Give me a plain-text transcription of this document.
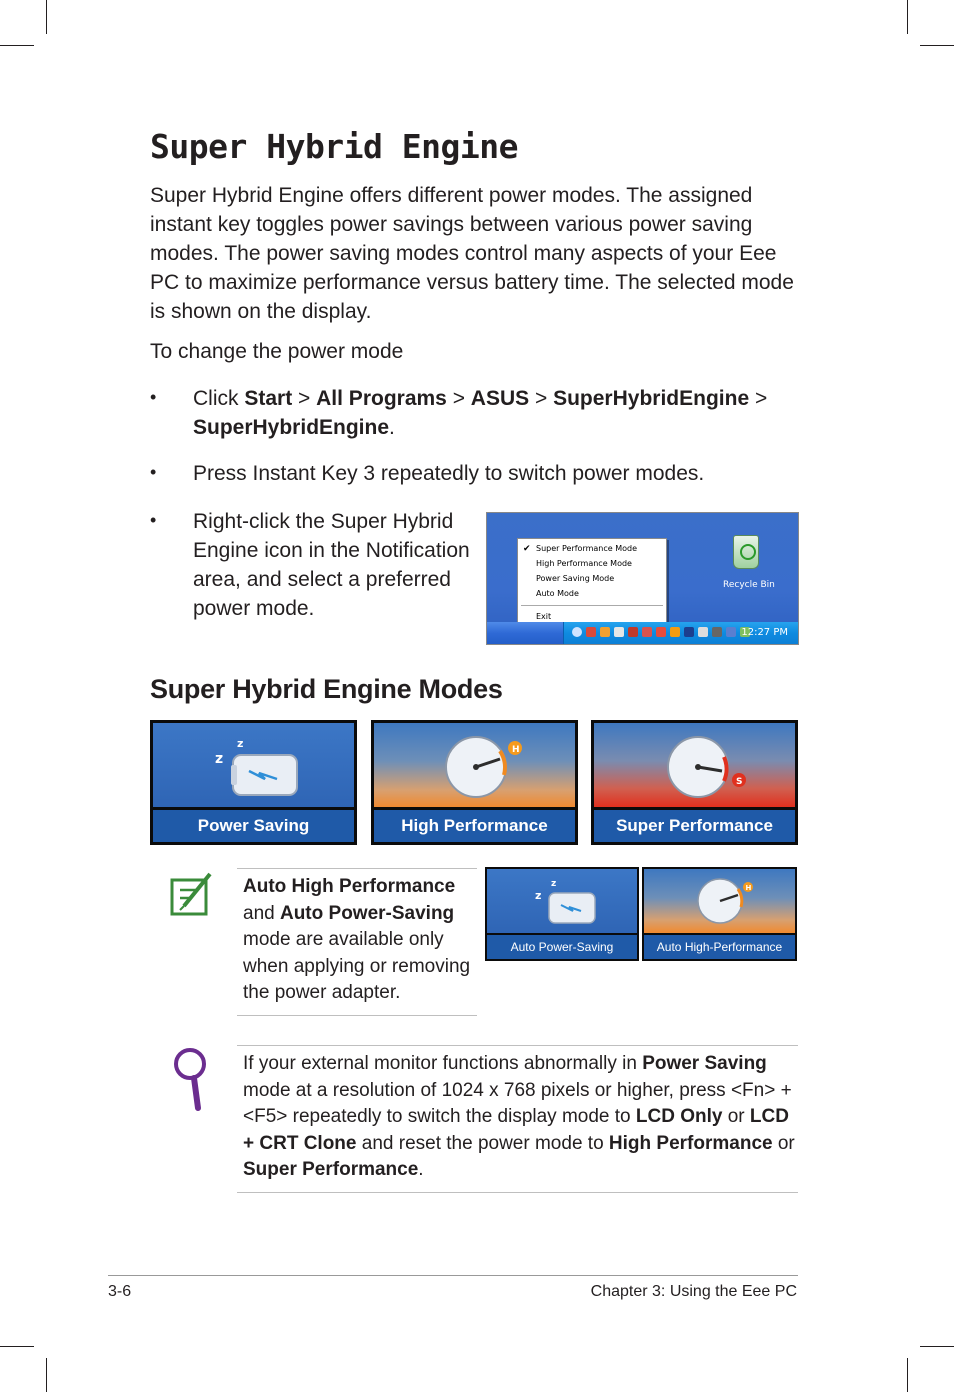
Super Hybrid Engine
Super Hybrid Engine offers different power modes. The assigned instant key toggles power savings between various power saving modes. The power saving modes control many aspects of your Eee PC to maximize performance versus battery time. The selected mode is shown on the display.
To change the power mode
• Click Start > All Programs > ASUS > SuperHybridEngine > SuperHybridEngine.
• Press Instant Key 3 repeatedly to switch power modes.
• Right-click the Super Hybrid Engine icon in the Notification area, and select a preferred power mode.
Recycle Bin
✔ Super Performance Mode
High Performance Mode
Power Saving Mode
Auto Mode
Exit
12:27 PM
Super Hybrid Engine Modes
z
z
Power Saving
H
High Performance
S
Super Performance
Auto High Performance and Auto Power-Saving mode are available only when applying or removing the power adapter.
z
z
Auto Power-Saving
H
Auto High-Performance
If your external monitor functions abnormally in Power Saving mode at a resolution of 1024 x 768 pixels or higher, press <Fn> + <F5> repeatedly to switch the display mode to LCD Only or LCD + CRT Clone and reset the power mode to High Performance or Super Performance.
3-6	Chapter 3: Using the Eee PC
